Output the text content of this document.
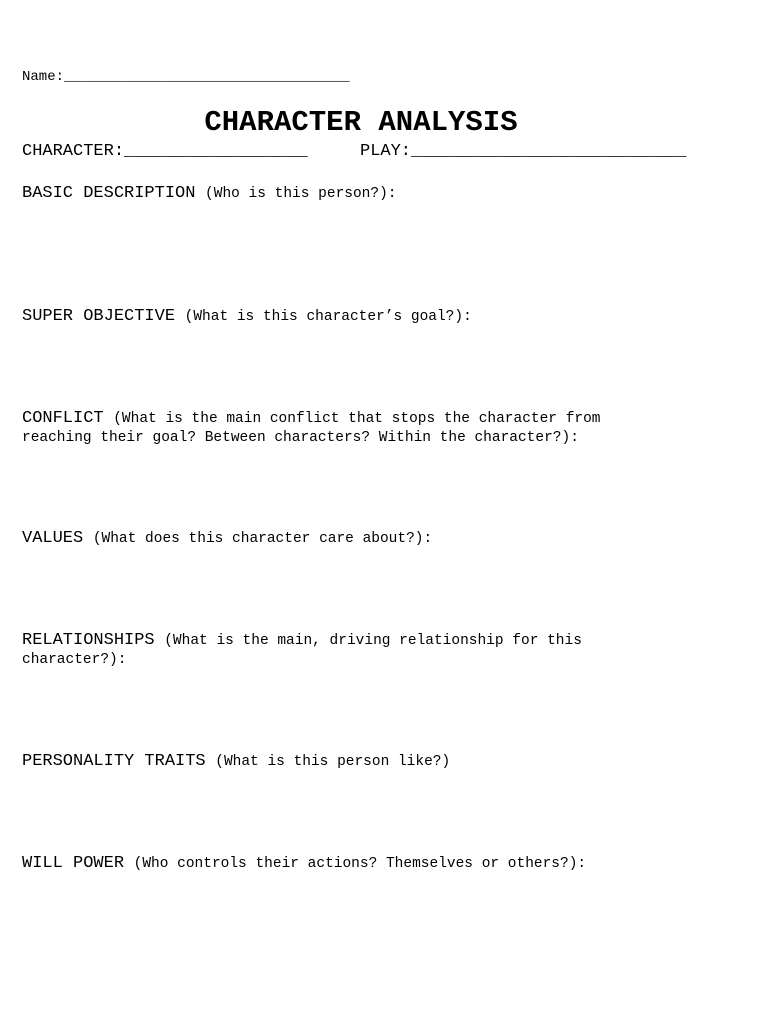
Name:__________________________________
CHARACTER ANALYSIS
CHARACTER:__________________	PLAY:___________________________
BASIC DESCRIPTION (Who is this person?):
SUPER OBJECTIVE (What is this character’s goal?):
CONFLICT (What is the main conflict that stops the character from reaching their goal? Between characters? Within the character?):
VALUES (What does this character care about?):
RELATIONSHIPS (What is the main, driving relationship for this character?):
PERSONALITY TRAITS (What is this person like?)
WILL POWER (Who controls their actions? Themselves or others?):
